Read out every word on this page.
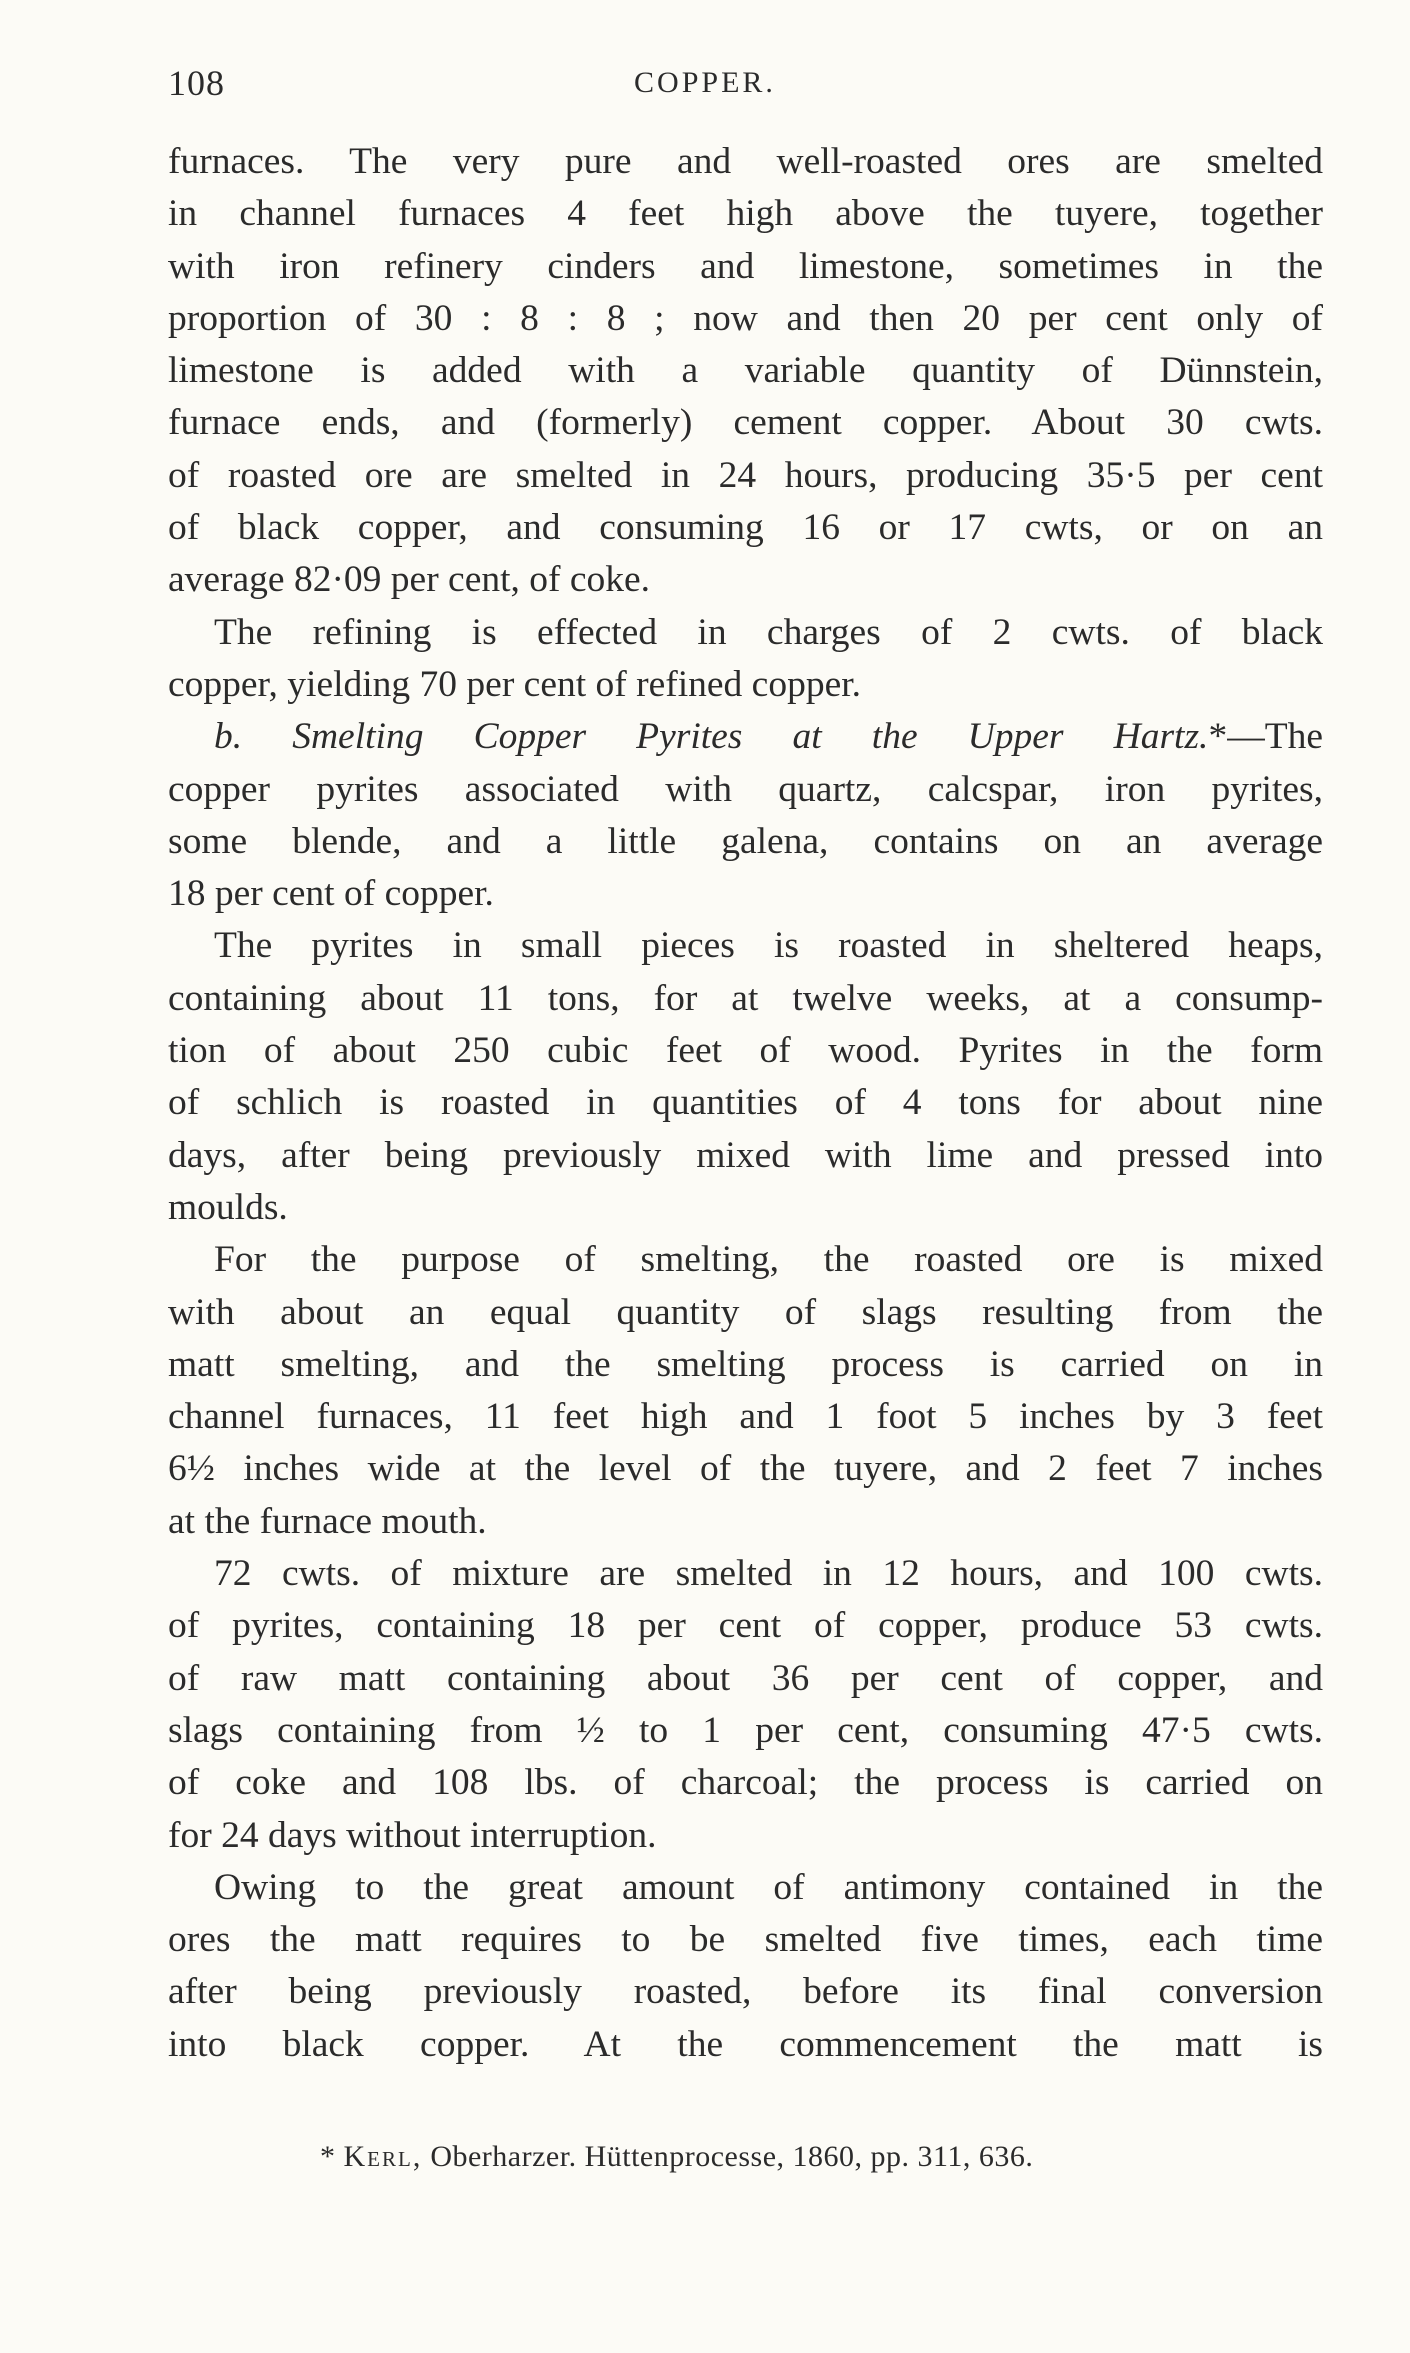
108	COPPER.
furnaces. The very pure and well-roasted ores are smelted
in channel furnaces 4 feet high above the tuyere, together
with iron refinery cinders and limestone, sometimes in the
proportion of 30 : 8 : 8 ; now and then 20 per cent only of
limestone is added with a variable quantity of Dünnstein,
furnace ends, and (formerly) cement copper. About 30 cwts.
of roasted ore are smelted in 24 hours, producing 35·5 per cent
of black copper, and consuming 16 or 17 cwts, or on an
average 82·09 per cent, of coke.
The refining is effected in charges of 2 cwts. of black
copper, yielding 70 per cent of refined copper.
b. Smelting Copper Pyrites at the Upper Hartz.*—The
copper pyrites associated with quartz, calcspar, iron pyrites,
some blende, and a little galena, contains on an average
18 per cent of copper.
The pyrites in small pieces is roasted in sheltered heaps,
containing about 11 tons, for at twelve weeks, at a consump-
tion of about 250 cubic feet of wood. Pyrites in the form
of schlich is roasted in quantities of 4 tons for about nine
days, after being previously mixed with lime and pressed into
moulds.
For the purpose of smelting, the roasted ore is mixed
with about an equal quantity of slags resulting from the
matt smelting, and the smelting process is carried on in
channel furnaces, 11 feet high and 1 foot 5 inches by 3 feet
6½ inches wide at the level of the tuyere, and 2 feet 7 inches
at the furnace mouth.
72 cwts. of mixture are smelted in 12 hours, and 100 cwts.
of pyrites, containing 18 per cent of copper, produce 53 cwts.
of raw matt containing about 36 per cent of copper, and
slags containing from ½ to 1 per cent, consuming 47·5 cwts.
of coke and 108 lbs. of charcoal; the process is carried on
for 24 days without interruption.
Owing to the great amount of antimony contained in the
ores the matt requires to be smelted five times, each time
after being previously roasted, before its final conversion
into black copper. At the commencement the matt is
* Kerl, Oberharzer. Hüttenprocesse, 1860, pp. 311, 636.
